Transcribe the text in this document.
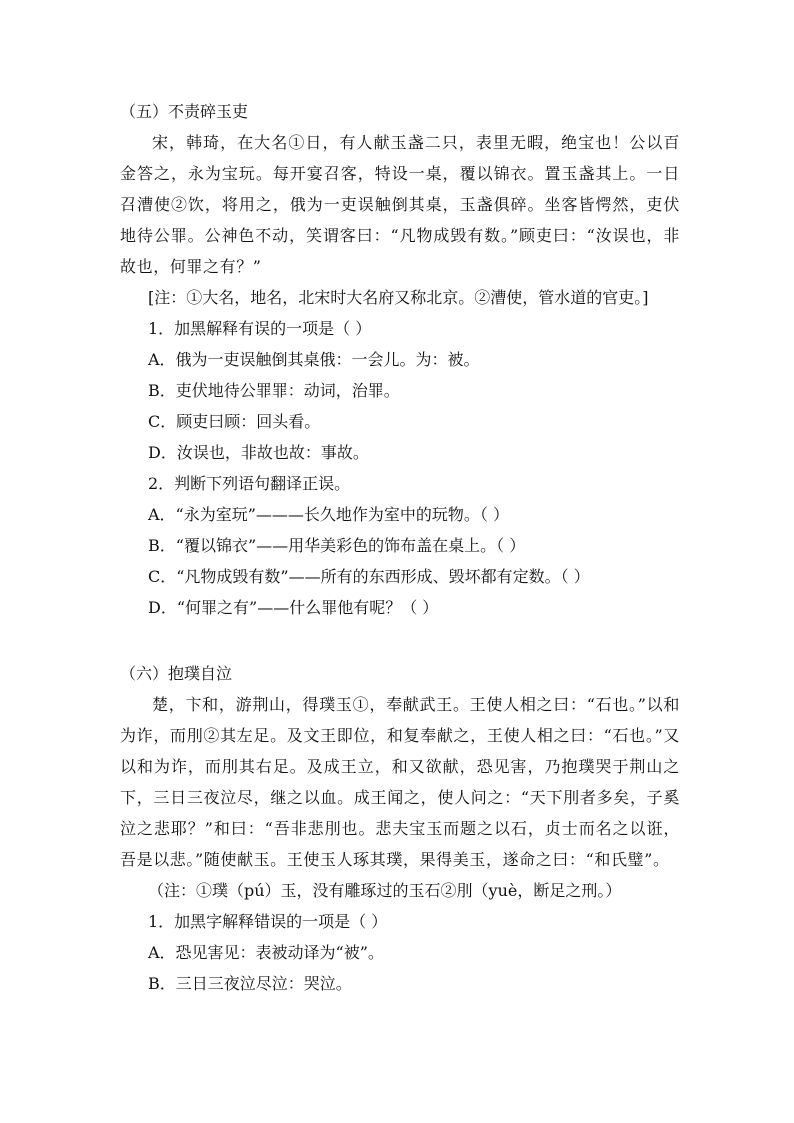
（五）不责碎玉吏
宋，韩琦，在大名①日，有人献玉盏二只，表里无暇，绝宝也！公以百金答之，永为宝玩。每开宴召客，特设一桌，覆以锦衣。置玉盏其上。一日召漕使②饮，将用之，俄为一吏误触倒其桌，玉盏俱碎。坐客皆愕然，吏伏地待公罪。公神色不动，笑谓客曰：“凡物成毁有数。”顾吏曰：“汝误也，非故也，何罪之有？”
[注：①大名，地名，北宋时大名府又称北京。②漕使，管水道的官吏。]
1．加黑解释有误的一项是（ ）
A．俄为一吏误触倒其桌俄：一会儿。为：被。
B．吏伏地待公罪罪：动词，治罪。
C．顾吏曰顾：回头看。
D．汝误也，非故也故：事故。
2．判断下列语句翻译正误。
A．“永为室玩”———长久地作为室中的玩物。（ ）
B．“覆以锦衣”——用华美彩色的饰布盖在桌上。（ ）
C．“凡物成毁有数”——所有的东西形成、毁坏都有定数。（ ）
D．“何罪之有”——什么罪他有呢？（ ）
（六）抱璞自泣
楚，卞和，游荆山，得璞玉①，奉献武王。王使人相之曰：“石也。”以和为诈，而刖②其左足。及文王即位，和复奉献之，王使人相之曰：“石也。”又以和为诈，而刖其右足。及成王立，和又欲献，恐见害，乃抱璞哭于荆山之下，三日三夜泣尽，继之以血。成王闻之，使人问之：“天下刖者多矣，子奚泣之悲耶？”和曰：“吾非悲刖也。悲夫宝玉而题之以石，贞士而名之以诳，吾是以悲。”随使献玉。王使玉人琢其璞，果得美玉，遂命之曰：“和氏璧”。
（注：①璞（pú）玉，没有雕琢过的玉石②刖（yuè，断足之刑。）
1．加黑字解释错误的一项是（ ）
A．恐见害见：表被动译为“被”。
B．三日三夜泣尽泣：哭泣。
